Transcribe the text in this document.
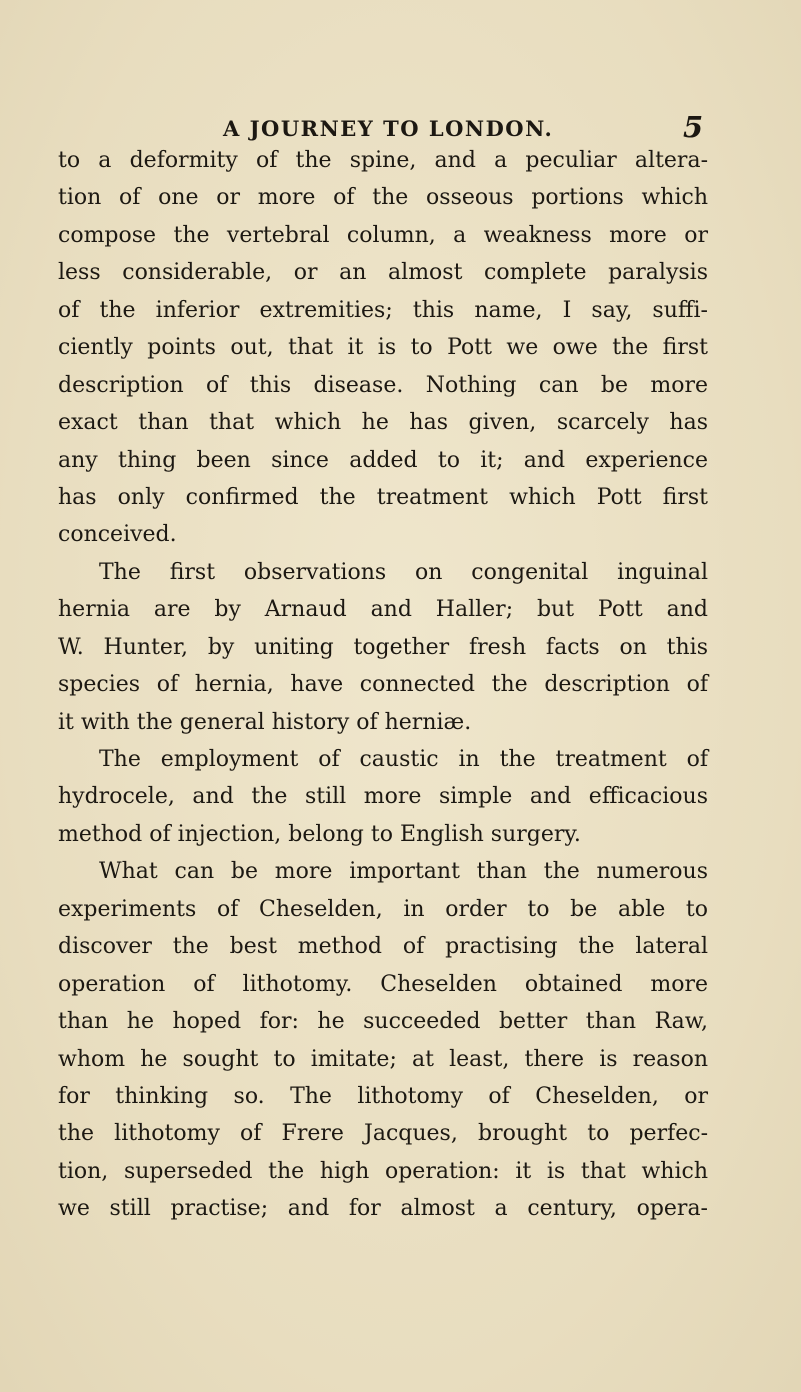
A JOURNEY TO LONDON.	5
to a deformity of the spine, and a peculiar altera-
tion of one or more of the osseous portions which
compose the vertebral column, a weakness more or
less considerable, or an almost complete paralysis
of the inferior extremities; this name, I say, suffi-
ciently points out, that it is to Pott we owe the first
description of this disease. Nothing can be more
exact than that which he has given, scarcely has
any thing been since added to it; and experience
has only confirmed the treatment which Pott first
conceived.
The first observations on congenital inguinal
hernia are by Arnaud and Haller; but Pott and
W. Hunter, by uniting together fresh facts on this
species of hernia, have connected the description of
it with the general history of herniæ.
The employment of caustic in the treatment of
hydrocele, and the still more simple and efficacious
method of injection, belong to English surgery.
What can be more important than the numerous
experiments of Cheselden, in order to be able to
discover the best method of practising the lateral
operation of lithotomy. Cheselden obtained more
than he hoped for: he succeeded better than Raw,
whom he sought to imitate; at least, there is reason
for thinking so. The lithotomy of Cheselden, or
the lithotomy of Frere Jacques, brought to perfec-
tion, superseded the high operation: it is that which
we still practise; and for almost a century, opera-
